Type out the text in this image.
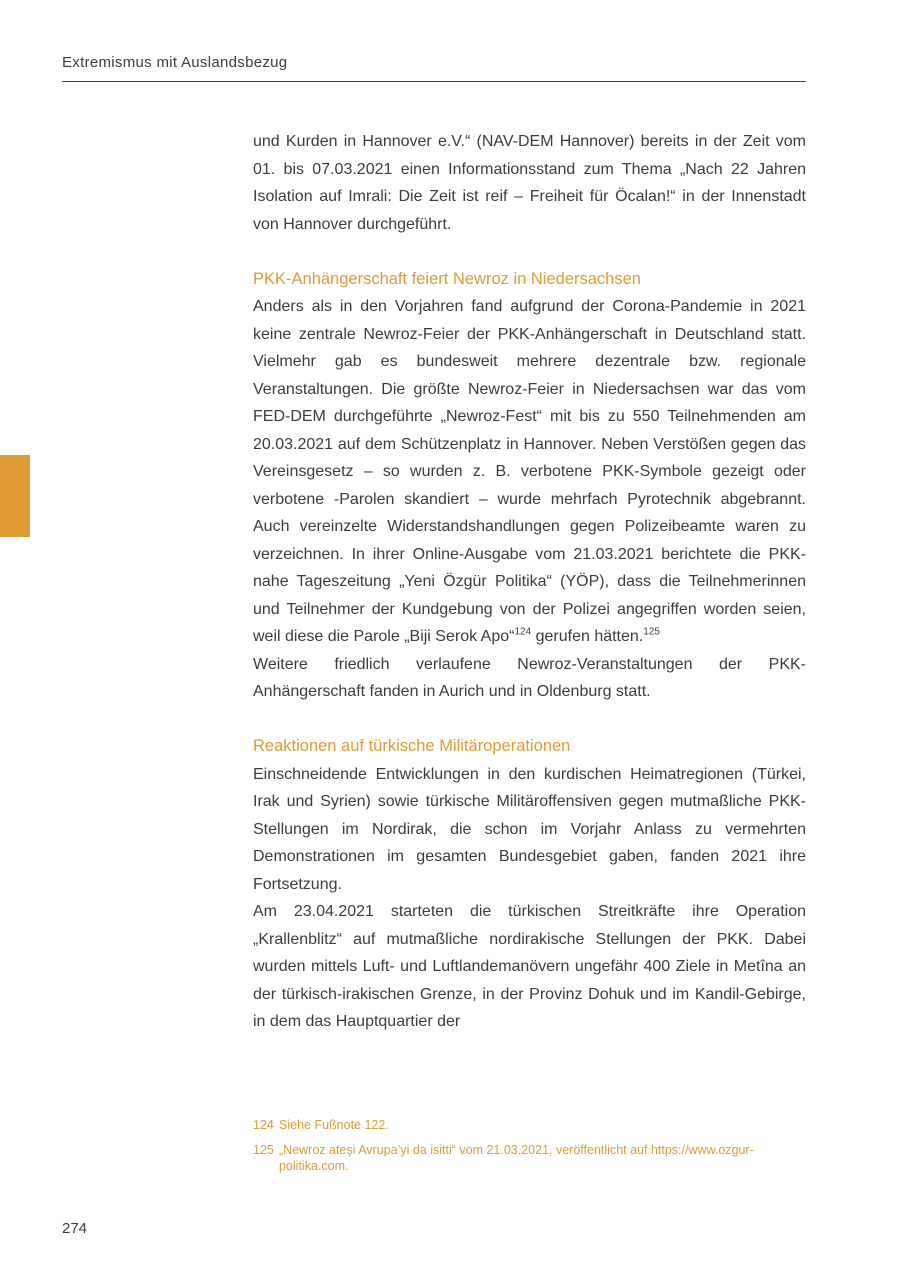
Extremismus mit Auslandsbezug

und Kurden in Hannover e.V.“ (NAV-DEM Hannover) bereits in der Zeit vom 01. bis 07.03.2021 einen Informationsstand zum Thema „Nach 22 Jahren Isolation auf Imrali: Die Zeit ist reif – Freiheit für Öcalan!“ in der Innenstadt von Hannover durchgeführt.

PKK-Anhängerschaft feiert Newroz in Niedersachsen

Anders als in den Vorjahren fand aufgrund der Corona-Pandemie in 2021 keine zentrale Newroz-Feier der PKK-Anhängerschaft in Deutschland statt. Vielmehr gab es bundesweit mehrere dezentrale bzw. regionale Veranstaltungen. Die größte Newroz-Feier in Niedersachsen war das vom FED-DEM durchgeführte „Newroz-Fest“ mit bis zu 550 Teilnehmenden am 20.03.2021 auf dem Schützenplatz in Hannover. Neben Verstößen gegen das Vereinsgesetz – so wurden z. B. verbotene PKK-Symbole gezeigt oder verbotene -Parolen skandiert – wurde mehrfach Pyrotechnik abgebrannt. Auch vereinzelte Widerstandshandlungen gegen Polizeibeamte waren zu verzeichnen. In ihrer Online-Ausgabe vom 21.03.2021 berichtete die PKK-nahe Tageszeitung „Yeni Özgür Politika“ (YÖP), dass die Teilnehmerinnen und Teilnehmer der Kundgebung von der Polizei angegriffen worden seien, weil diese die Parole „Biji Serok Apo“$^{124}$ gerufen hätten.$^{125}$

Weitere friedlich verlaufene Newroz-Veranstaltungen der PKK-Anhängerschaft fanden in Aurich und in Oldenburg statt.

Reaktionen auf türkische Militäroperationen

Einschneidende Entwicklungen in den kurdischen Heimatregionen (Türkei, Irak und Syrien) sowie türkische Militäroffensiven gegen mutmaßliche PKK-Stellungen im Nordirak, die schon im Vorjahr Anlass zu vermehrten Demonstrationen im gesamten Bundesgebiet gaben, fanden 2021 ihre Fortsetzung.

Am 23.04.2021 starteten die türkischen Streitkräfte ihre Operation „Krallenblitz“ auf mutmaßliche nordirakische Stellungen der PKK. Dabei wurden mittels Luft- und Luftlandemanövern ungefähr 400 Ziele in Metîna an der türkisch-irakischen Grenze, in der Provinz Dohuk und im Kandil-Gebirge, in dem das Hauptquartier der

124 Siehe Fußnote 122.
125 „Newroz ateşi Avrupa’yi da isitti“ vom 21.03.2021, veröffentlicht auf https://www.ozgur-politika.com.
274
